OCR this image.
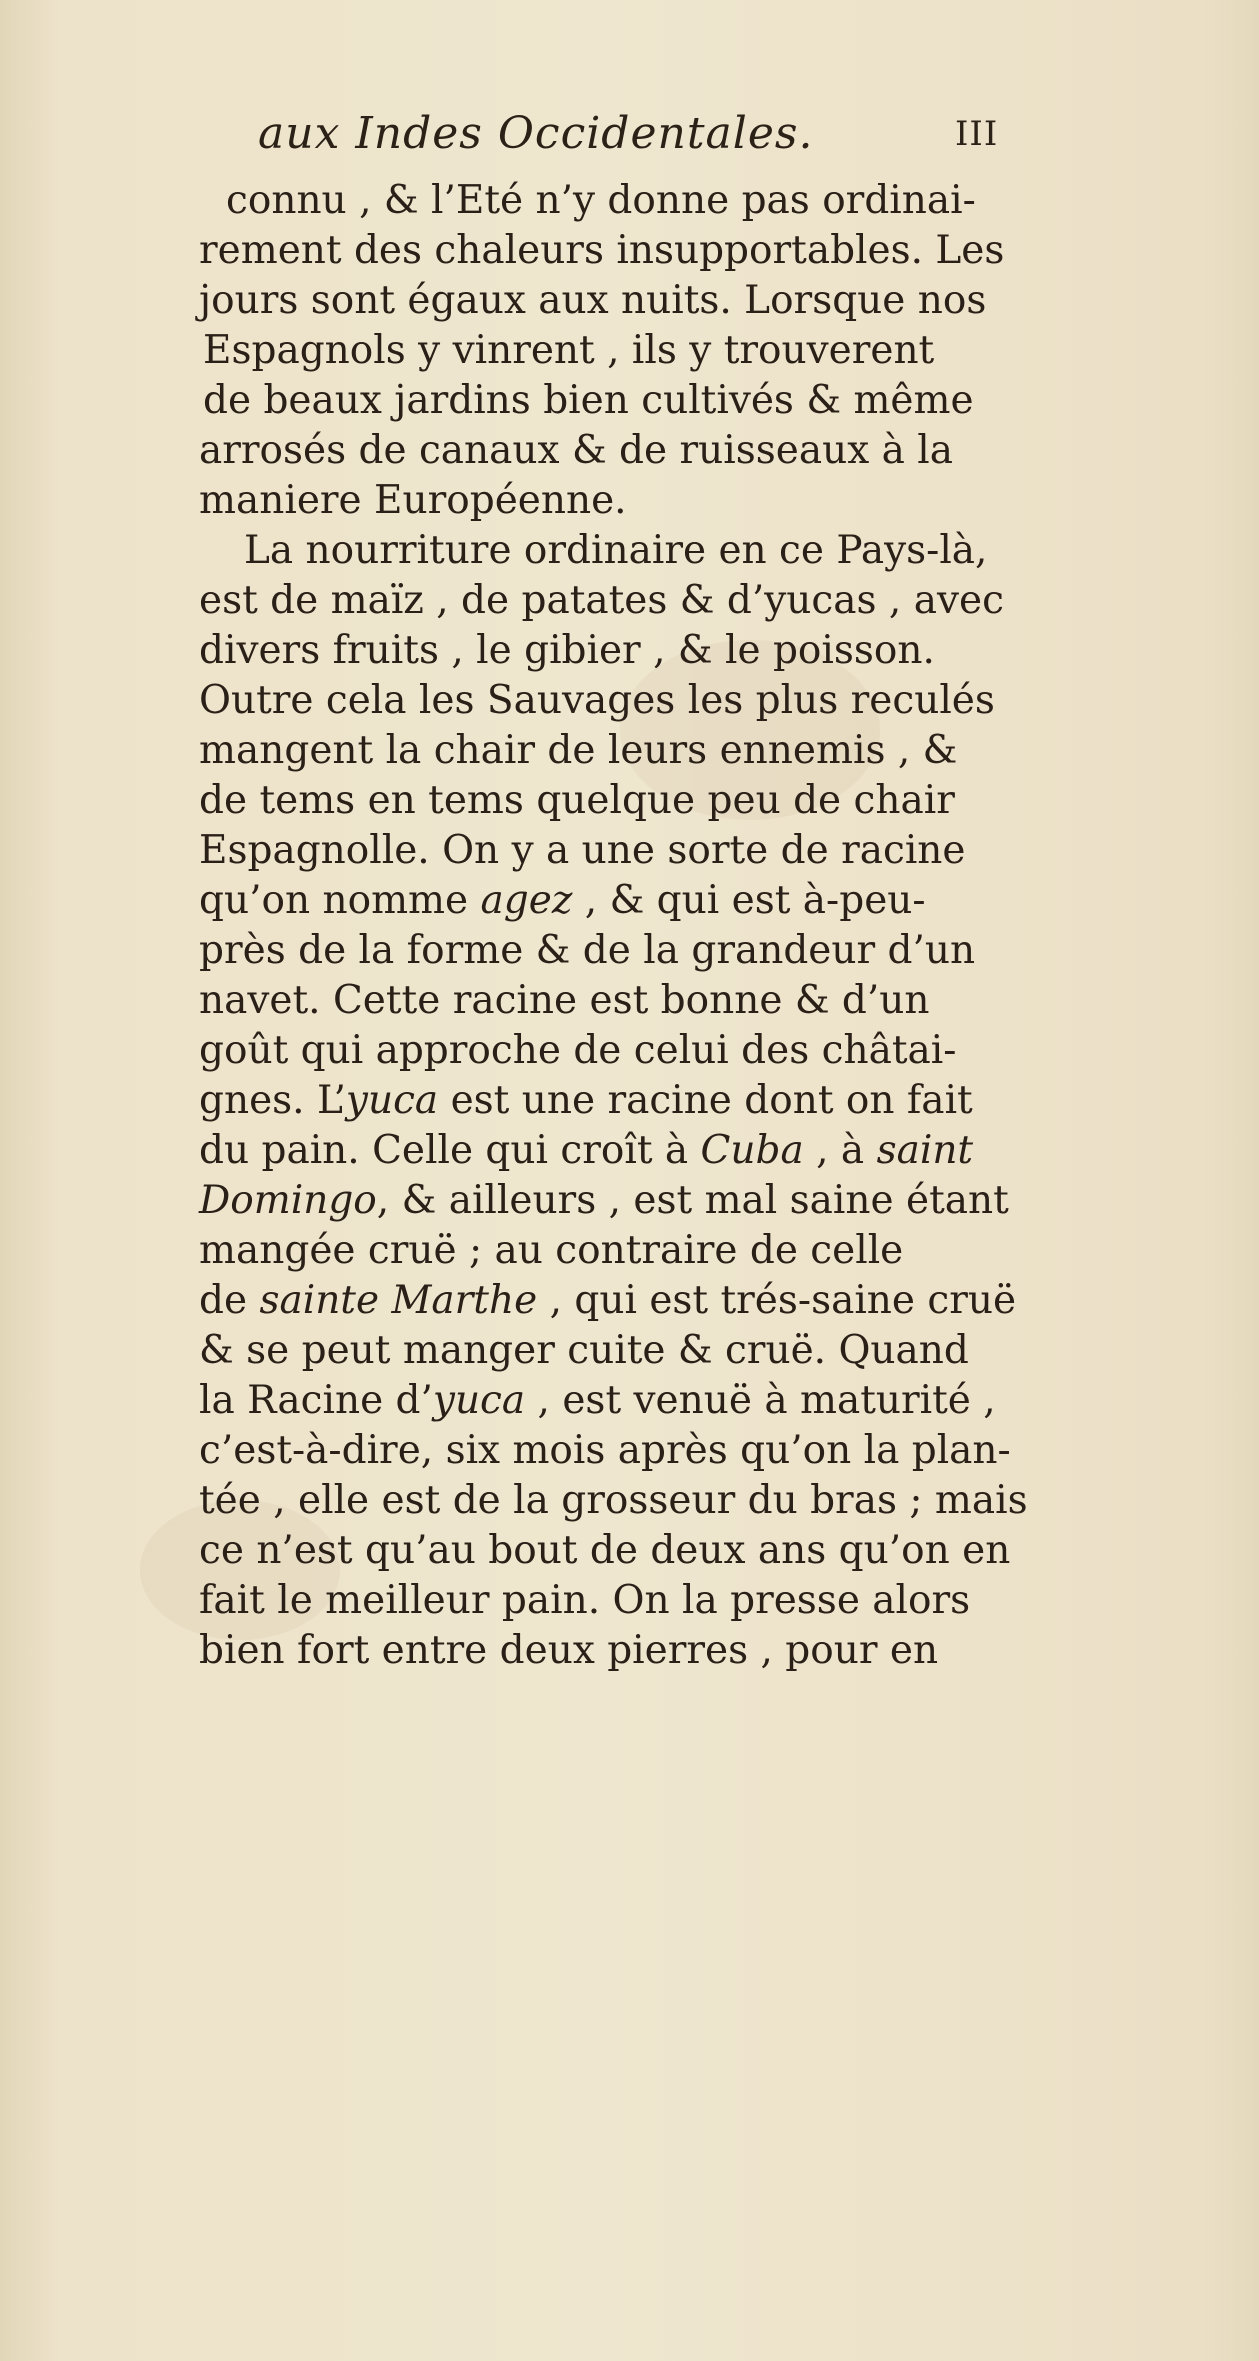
aux Indes Occidentales.	III
connu , & l’Eté n’y donne pas ordinai-
rement des chaleurs insupportables. Les
jours sont égaux aux nuits. Lorsque nos
Espagnols y vinrent , ils y trouverent
de beaux jardins bien cultivés & même
arrosés de canaux & de ruisseaux à la
maniere Européenne.
La nourriture ordinaire en ce Pays-là,
est de maïz , de patates & d’yucas , avec
divers fruits , le gibier , & le poisson.
Outre cela les Sauvages les plus reculés
mangent la chair de leurs ennemis , &
de tems en tems quelque peu de chair
Espagnolle. On y a une sorte de racine
qu’on nomme agez , & qui est à-peu-
près de la forme & de la grandeur d’un
navet. Cette racine est bonne & d’un
goût qui approche de celui des châtai-
gnes. L’yuca est une racine dont on fait
du pain. Celle qui croît à Cuba , à saint
Domingo, & ailleurs , est mal saine étant
mangée cruë ; au contraire de celle
de sainte Marthe , qui est trés-saine cruë
& se peut manger cuite & cruë. Quand
la Racine d’yuca , est venuë à maturité ,
c’est-à-dire, six mois après qu’on la plan-
tée , elle est de la grosseur du bras ; mais
ce n’est qu’au bout de deux ans qu’on en
fait le meilleur pain. On la presse alors
bien fort entre deux pierres , pour en
